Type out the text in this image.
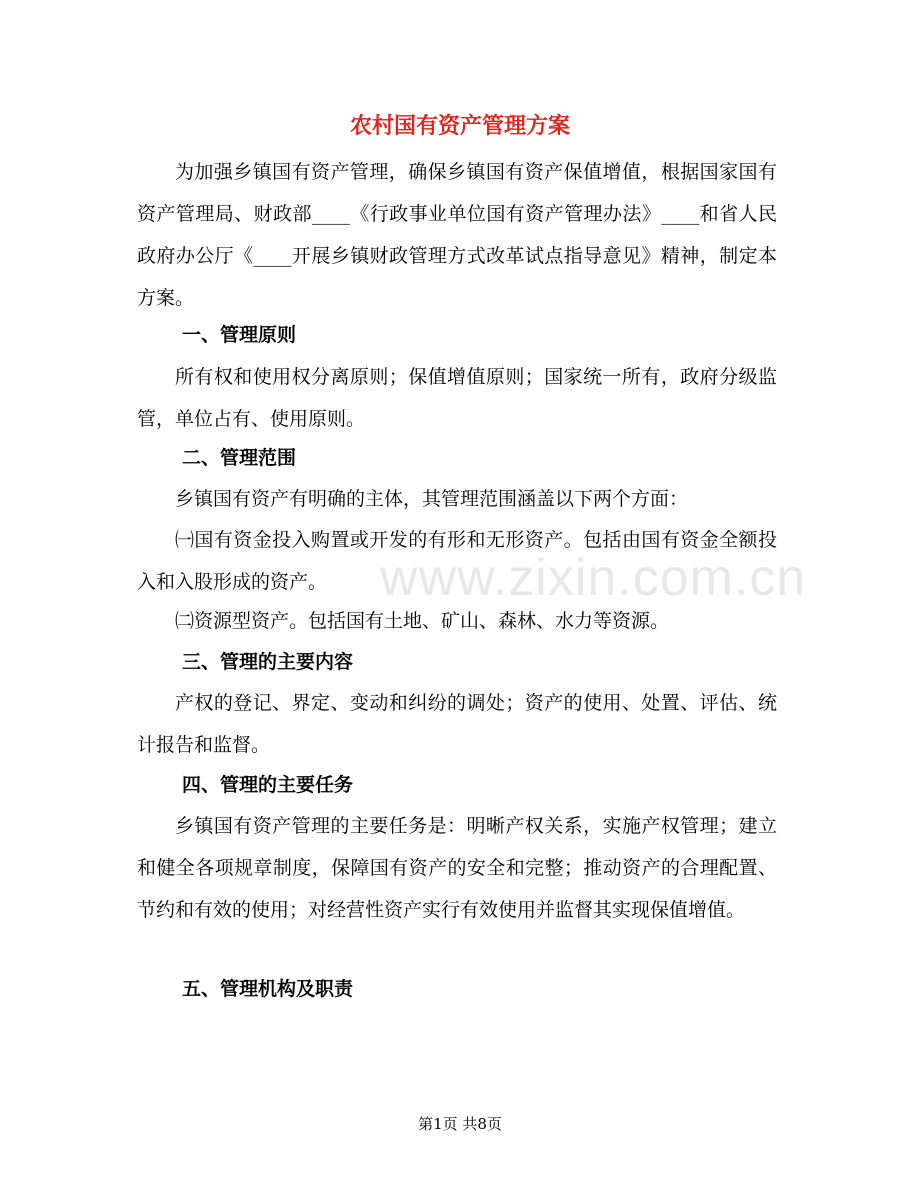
农村国有资产管理方案

为加强乡镇国有资产管理，确保乡镇国有资产保值增值，根据国家国有资产管理局、财政部____《行政事业单位国有资产管理办法》____和省人民政府办公厅《____开展乡镇财政管理方式改革试点指导意见》精神，制定本方案。

一、管理原则

所有权和使用权分离原则；保值增值原则；国家统一所有，政府分级监管，单位占有、使用原则。

二、管理范围

乡镇国有资产有明确的主体，其管理范围涵盖以下两个方面：

㈠国有资金投入购置或开发的有形和无形资产。包括由国有资金全额投入和入股形成的资产。

㈡资源型资产。包括国有土地、矿山、森林、水力等资源。

三、管理的主要内容

产权的登记、界定、变动和纠纷的调处；资产的使用、处置、评估、统计报告和监督。

四、管理的主要任务

乡镇国有资产管理的主要任务是：明晰产权关系，实施产权管理；建立和健全各项规章制度，保障国有资产的安全和完整；推动资产的合理配置、节约和有效的使用；对经营性资产实行有效使用并监督其实现保值增值。

五、管理机构及职责
www.zixin.com.cn
第1页 共8页
